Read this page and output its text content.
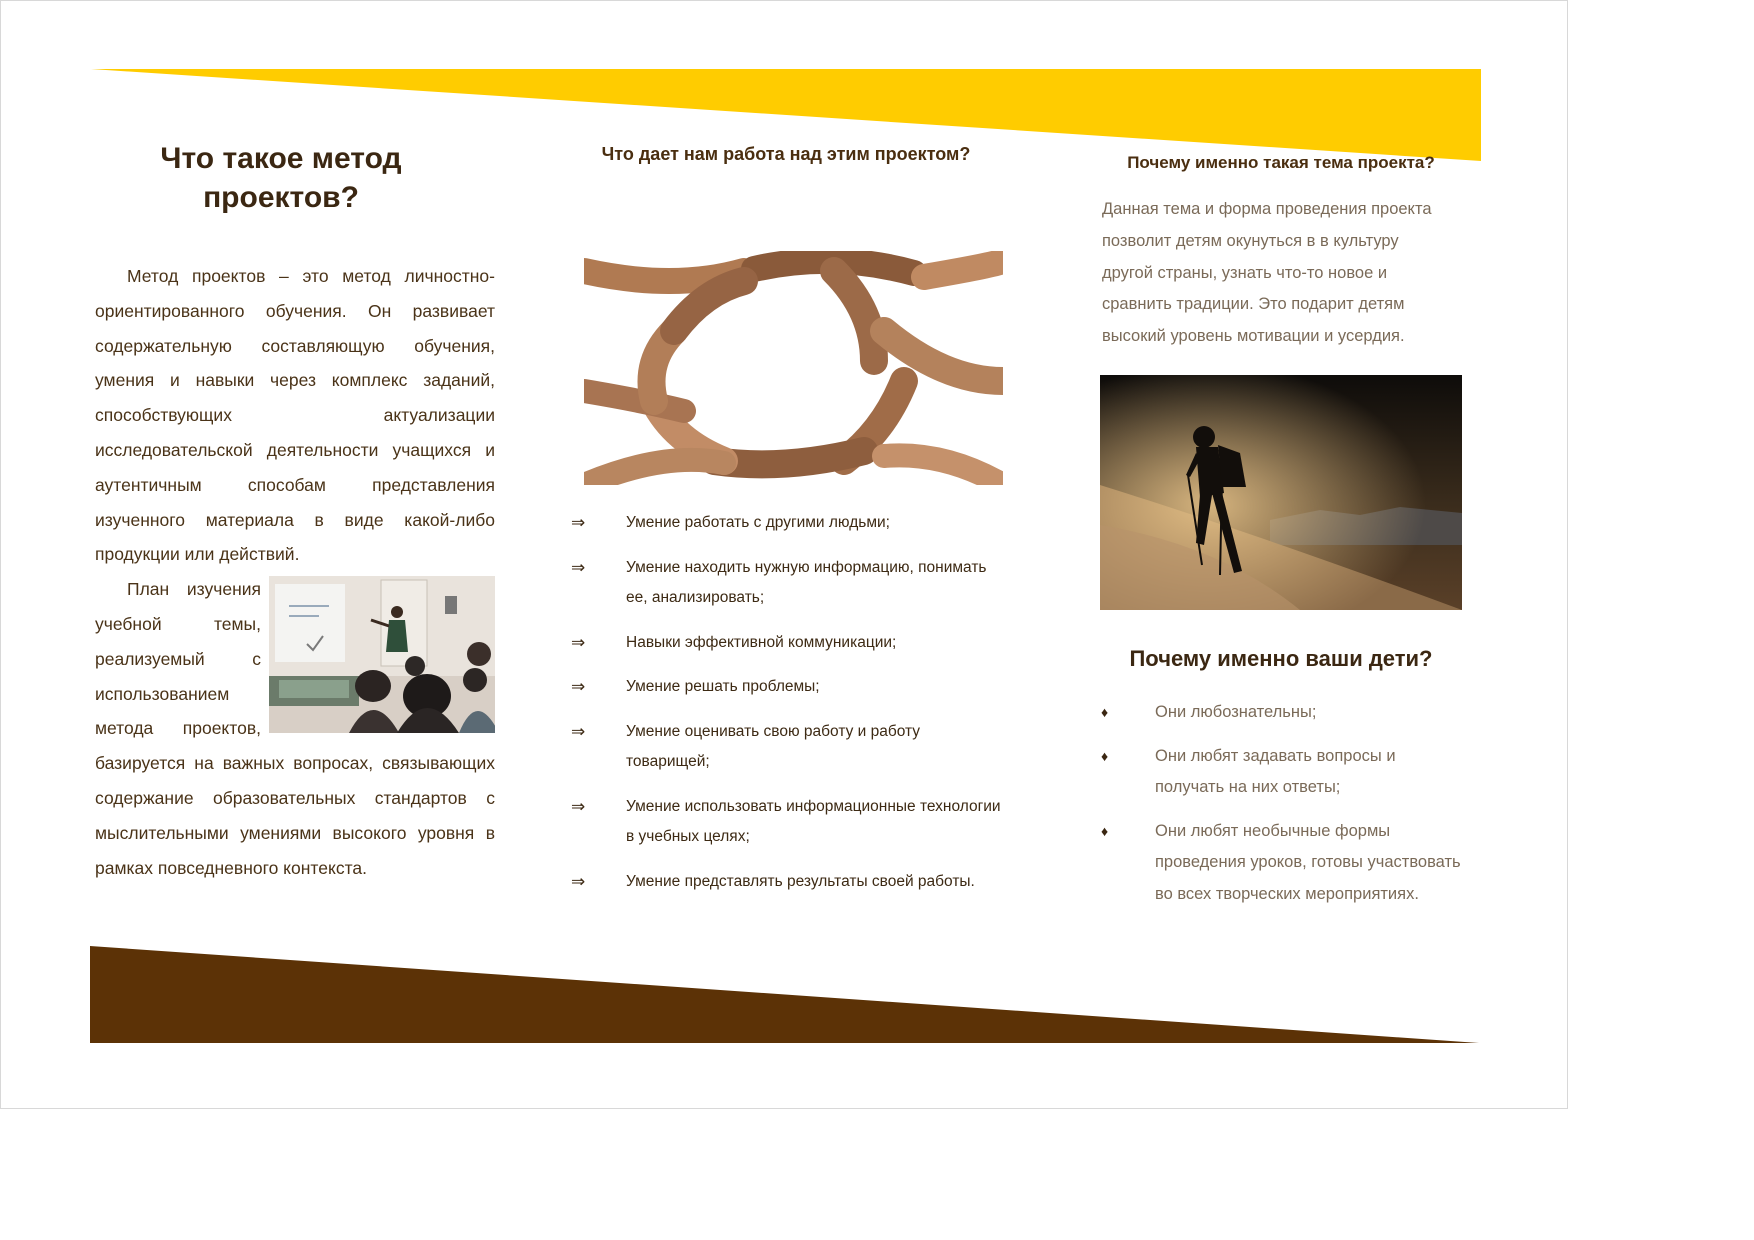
Что такое метод проектов?

Метод проектов – это метод личностно-ориентированного обучения. Он развивает содержательную составляющую обучения, умения и навыки через комплекс заданий, способствующих актуализации исследовательской деятельности учащихся и аутентичным способам представления изученного материала в виде какой-либо продукции или действий.

План изучения учебной темы, реализуемый с использованием метода проектов, базируется на важных вопросах, связывающих содержание образовательных стандартов с мыслительными умениями высокого уровня в рамках повседневного контекста.

Что дает нам работа над этим проектом?
⇒	Умение работать с другими людьми;
⇒	Умение находить нужную информацию, понимать ее, анализировать;
⇒	Навыки эффективной коммуникации;
⇒	Умение решать проблемы;
⇒	Умение оценивать свою работу и работу товарищей;
⇒	Умение использовать информационные технологии в учебных целях;
⇒	Умение представлять результаты своей работы.
Почему именно такая тема проекта?

Данная тема и форма проведения проекта позволит детям окунуться в в культуру другой страны, узнать что-то новое и сравнить традиции. Это подарит детям высокий уровень мотивации и усердия.

Почему именно ваши дети?
♦	Они любознательны;
♦	Они любят задавать вопросы и получать на них ответы;
♦	Они любят необычные формы проведения уроков, готовы участвовать во всех творческих мероприятиях.
